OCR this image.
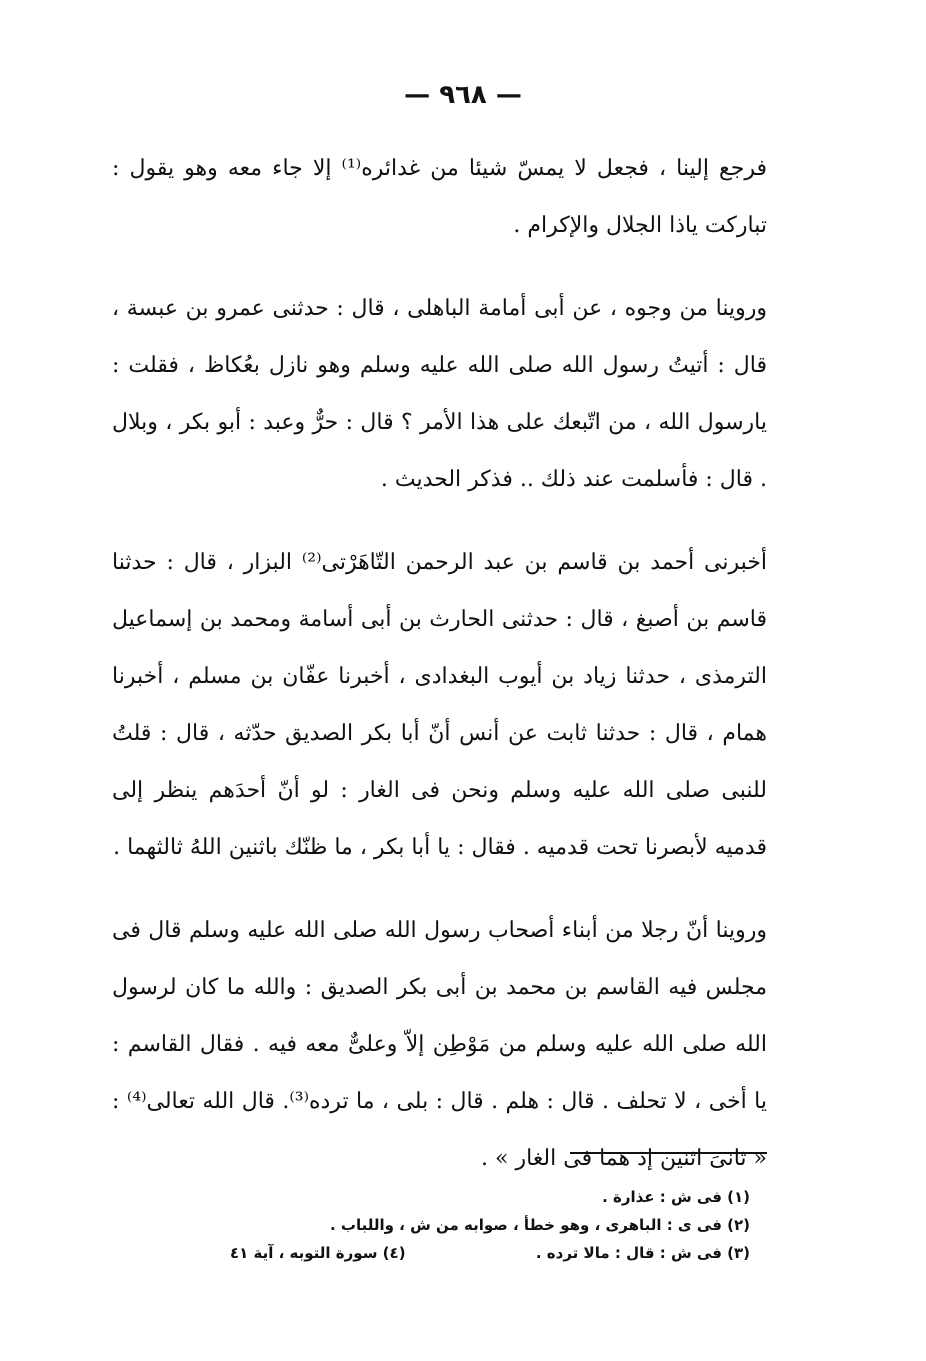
— ٩٦٨ —

فرجع إلينا ، فجعل لا يمسّ شيئا من غدائره⁽¹⁾ إلا جاء معه وهو يقول : تباركت ياذا الجلال والإكرام .

وروينا من وجوه ، عن أبى أمامة الباهلى ، قال : حدثنى عمرو بن عبسة ، قال : أتيتُ رسول الله صلى الله عليه وسلم وهو نازل بعُكاظ ، فقلت : يارسول الله ، من اتّبعك على هذا الأمر ؟ قال : حرٌّ وعبد : أبو بكر ، وبلال . قال : فأسلمت عند ذلك .. فذكر الحديث .

أخبرنى أحمد بن قاسم بن عبد الرحمن التّاهَرْتى⁽²⁾ البزار ، قال : حدثنا قاسم بن أصبغ ، قال : حدثنى الحارث بن أبى أسامة ومحمد بن إسماعيل الترمذى ، حدثنا زياد بن أيوب البغدادى ، أخبرنا عفّان بن مسلم ، أخبرنا همام ، قال : حدثنا ثابت عن أنس أنّ أبا بكر الصديق حدّثه ، قال : قلتُ للنبى صلى الله عليه وسلم ونحن فى الغار : لو أنّ أحدَهم ينظر إلى قدميه لأبصرنا تحت قدميه . فقال : يا أبا بكر ، ما ظنّك باثنين اللهُ ثالثهما .

وروينا أنّ رجلا من أبناء أصحاب رسول الله صلى الله عليه وسلم قال فى مجلس فيه القاسم بن محمد بن أبى بكر الصديق : والله ما كان لرسول الله صلى الله عليه وسلم من مَوْطِن إلاّ وعلىٌّ معه فيه . فقال القاسم : يا أخى ، لا تحلف . قال : هلم . قال : بلى ، ما ترده⁽³⁾. قال الله تعالى⁽⁴⁾ : « ثانىَ اثنين إذ هما فى الغار » .

(١) فى ش : عذارة .
(٢) فى ى : الباهرى ، وهو خطأ ، صوابه من ش ، واللباب .
(٣) فى ش : قال : مالا ترده .
(٤) سورة التوبه ، آية ٤١
